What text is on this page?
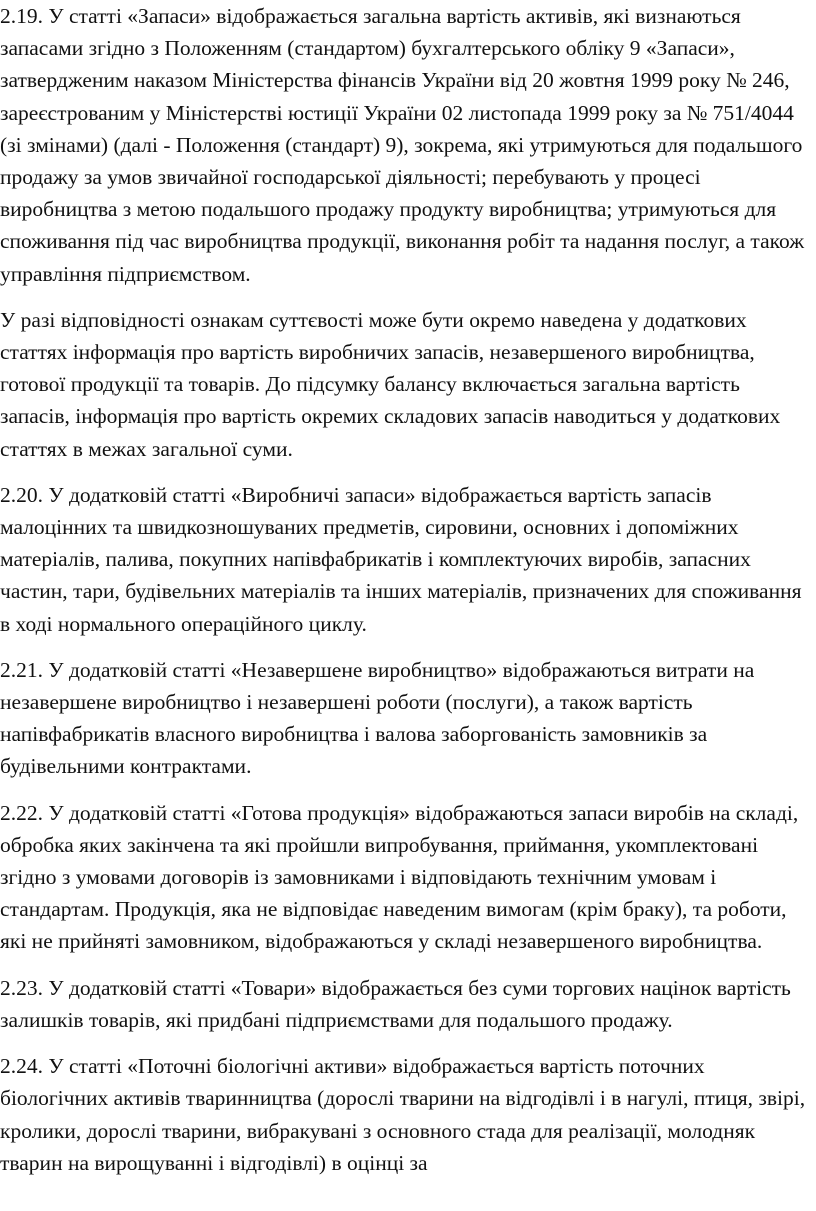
2.19. У статті «Запаси» відображається загальна вартість активів, які визнаються запасами згідно з Положенням (стандартом) бухгалтерського обліку 9 «Запаси», затвердженим наказом Міністерства фінансів України від 20 жовтня 1999 року № 246, зареєстрованим у Міністерстві юстиції України 02 листопада 1999 року за № 751/4044 (зі змінами) (далі - Положення (стандарт) 9), зокрема, які утримуються для подальшого продажу за умов звичайної господарської діяльності; перебувають у процесі виробництва з метою подальшого продажу продукту виробництва; утримуються для споживання під час виробництва продукції, виконання робіт та надання послуг, а також управління підприємством.

У разі відповідності ознакам суттєвості може бути окремо наведена у додаткових статтях інформація про вартість виробничих запасів, незавершеного виробництва, готової продукції та товарів. До підсумку балансу включається загальна вартість запасів, інформація про вартість окремих складових запасів наводиться у додаткових статтях в межах загальної суми.

2.20. У додатковій статті «Виробничі запаси» відображається вартість запасів малоцінних та швидкозношуваних предметів, сировини, основних і допоміжних матеріалів, палива, покупних напівфабрикатів і комплектуючих виробів, запасних частин, тари, будівельних матеріалів та інших матеріалів, призначених для споживання в ході нормального операційного циклу.

2.21. У додатковій статті «Незавершене виробництво» відображаються витрати на незавершене виробництво і незавершені роботи (послуги), а також вартість напівфабрикатів власного виробництва і валова заборгованість замовників за будівельними контрактами.

2.22. У додатковій статті «Готова продукція» відображаються запаси виробів на складі, обробка яких закінчена та які пройшли випробування, приймання, укомплектовані згідно з умовами договорів із замовниками і відповідають технічним умовам і стандартам. Продукція, яка не відповідає наведеним вимогам (крім браку), та роботи, які не прийняті замовником, відображаються у складі незавершеного виробництва.

2.23. У додатковій статті «Товари» відображається без суми торгових націнок вартість залишків товарів, які придбані підприємствами для подальшого продажу.

2.24. У статті «Поточні біологічні активи» відображається вартість поточних біологічних активів тваринництва (дорослі тварини на відгодівлі і в нагулі, птиця, звірі, кролики, дорослі тварини, вибракувані з основного стада для реалізації, молодняк тварин на вирощуванні і відгодівлі) в оцінці за
